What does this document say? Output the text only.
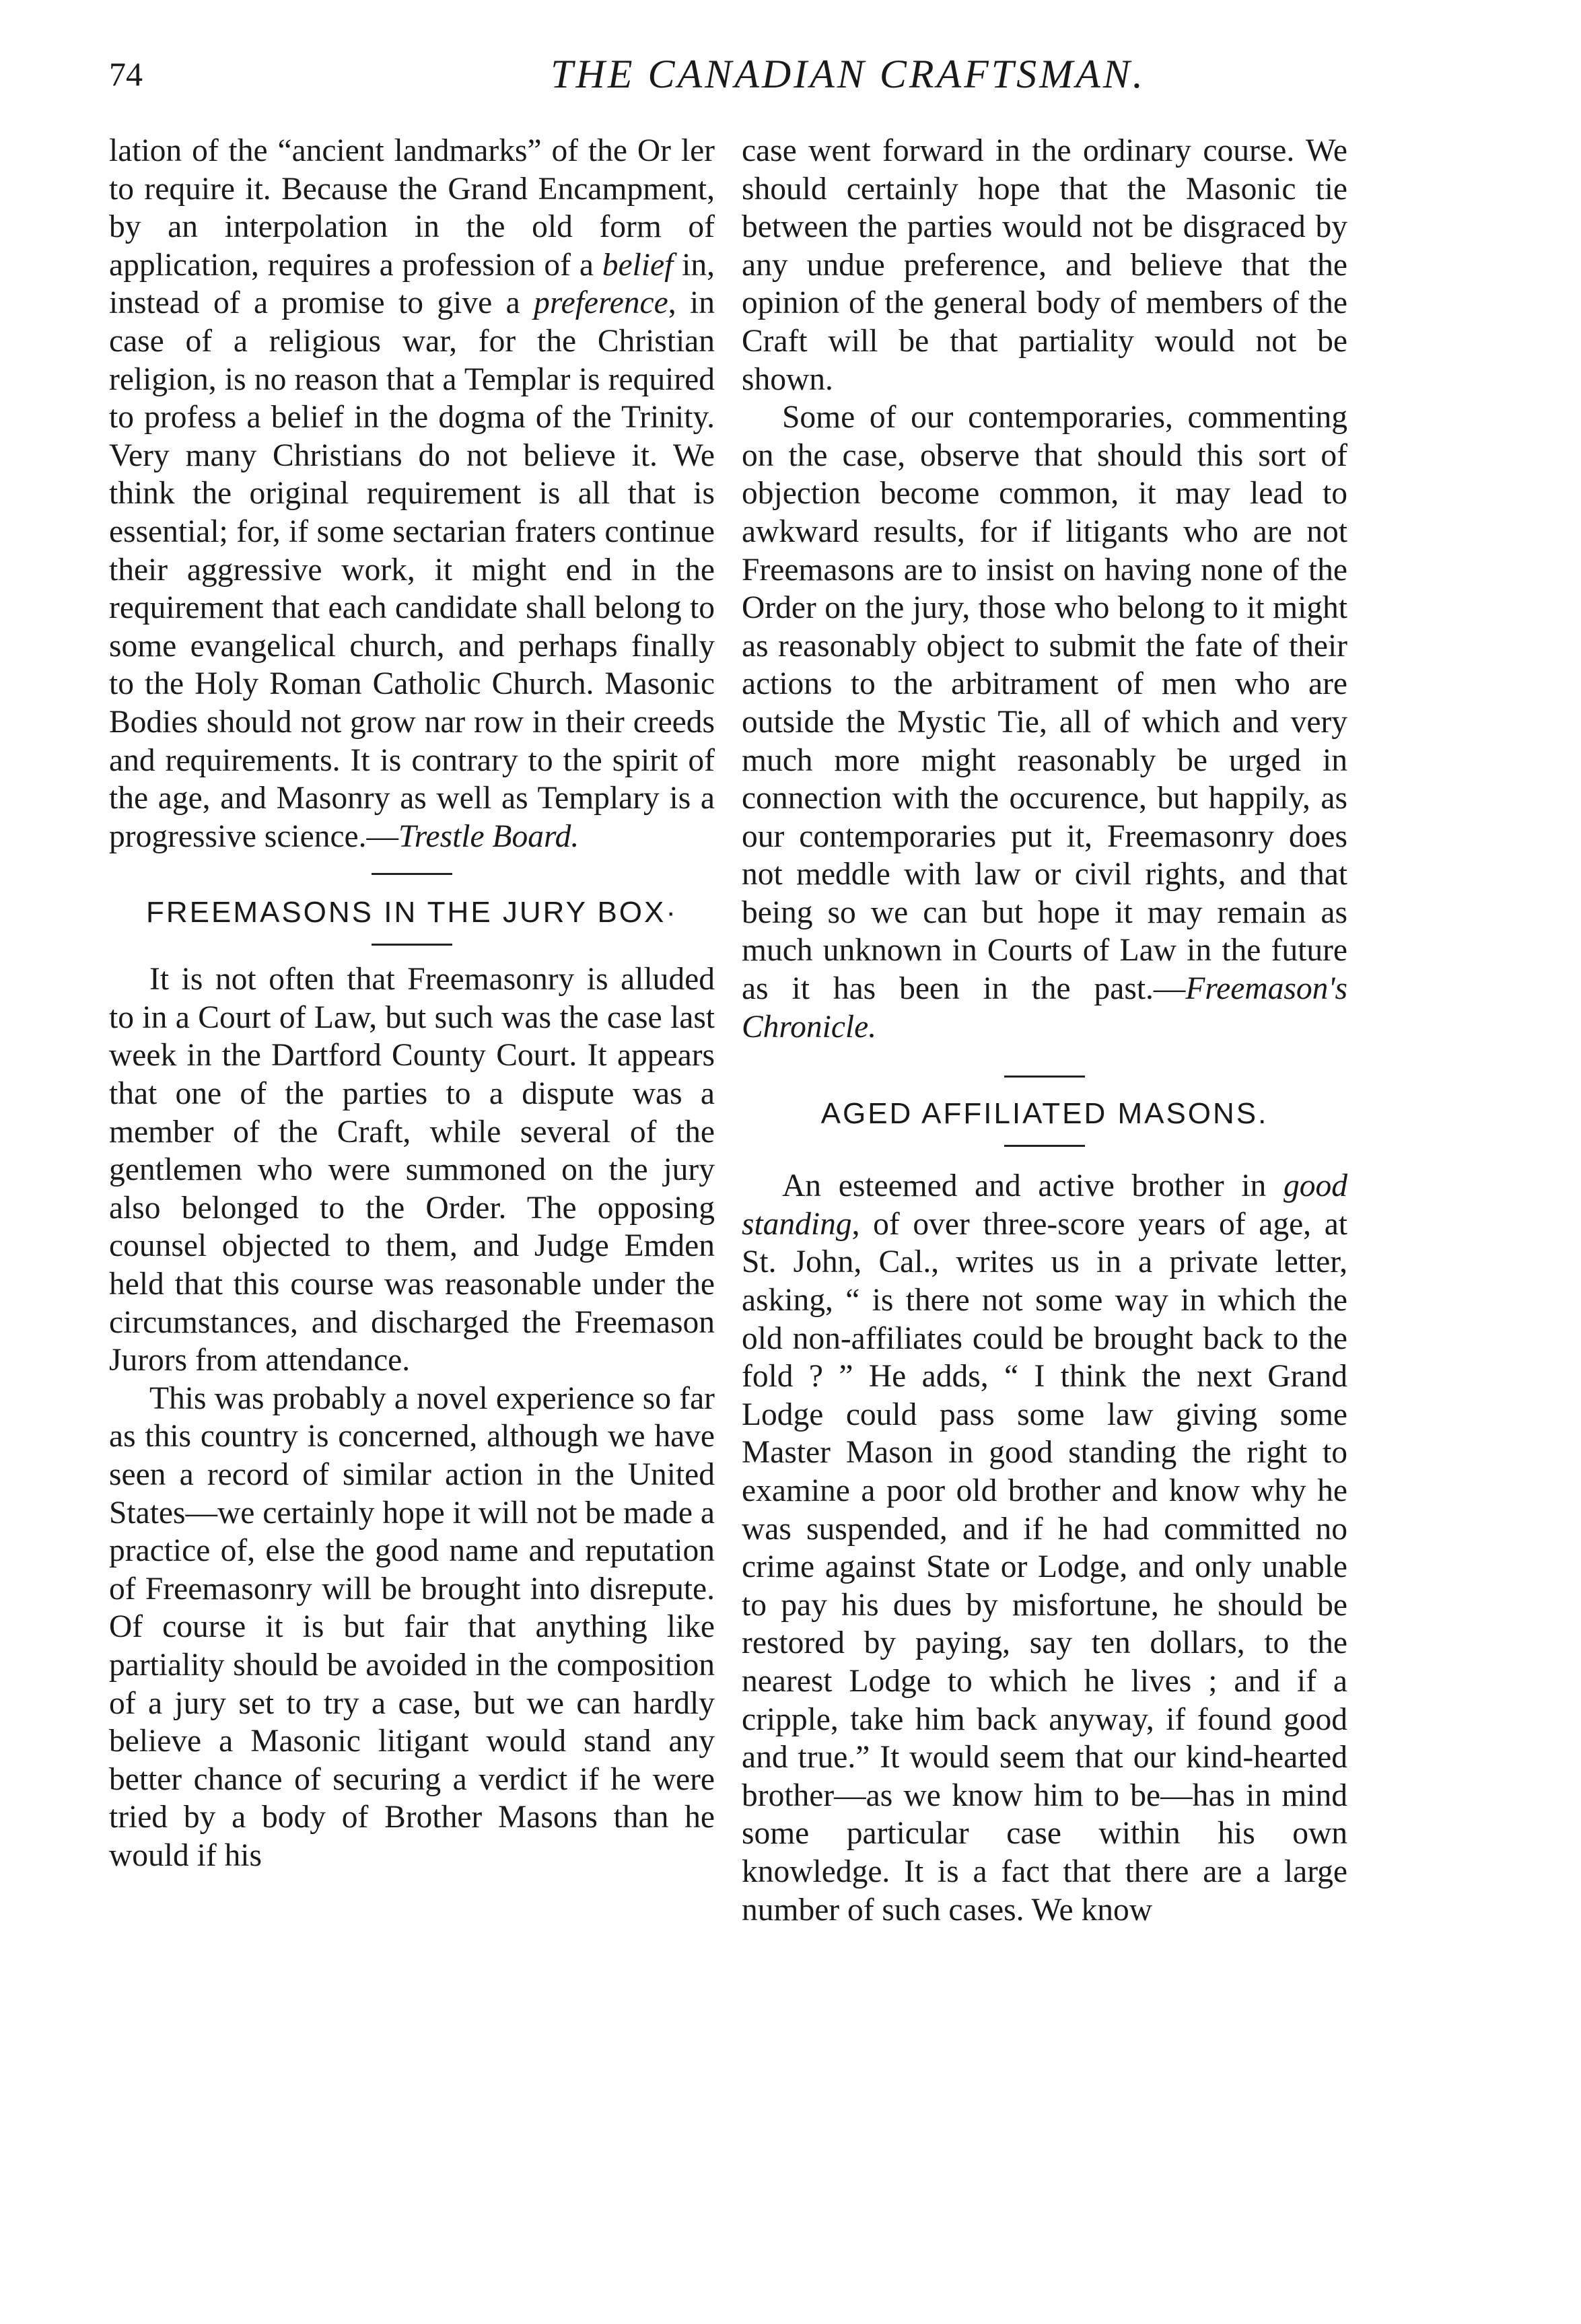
74	THE CANADIAN CRAFTSMAN.

lation of the “ancient landmarks” of the Or ler to require it. Because the Grand Encampment, by an interpolation in the old form of application, requires a profession of a belief in, instead of a promise to give a preference, in case of a religious war, for the Christian religion, is no reason that a Templar is required to profess a belief in the dogma of the Trinity. Very many Christians do not believe it. We think the original requirement is all that is essential; for, if some sectarian fraters continue their aggressive work, it might end in the requirement that each candidate shall belong to some evangelical church, and perhaps finally to the Holy Roman Catholic Church. Masonic Bodies should not grow nar row in their creeds and requirements. It is contrary to the spirit of the age, and Masonry as well as Templary is a progressive science.—Trestle Board.

FREEMASONS IN THE JURY BOX·

It is not often that Freemasonry is alluded to in a Court of Law, but such was the case last week in the Dartford County Court. It appears that one of the parties to a dispute was a member of the Craft, while several of the gentlemen who were summoned on the jury also belonged to the Order. The opposing counsel objected to them, and Judge Emden held that this course was reasonable under the circumstances, and discharged the Freemason Jurors from attendance.

This was probably a novel experience so far as this country is concerned, although we have seen a record of similar action in the United States—we certainly hope it will not be made a practice of, else the good name and reputation of Freemasonry will be brought into disrepute. Of course it is but fair that anything like partiality should be avoided in the composition of a jury set to try a case, but we can hardly believe a Masonic litigant would stand any better chance of securing a verdict if he were tried by a body of Brother Masons than he would if his

case went forward in the ordinary course. We should certainly hope that the Masonic tie between the parties would not be disgraced by any undue preference, and believe that the opinion of the general body of members of the Craft will be that partiality would not be shown.

Some of our contemporaries, commenting on the case, observe that should this sort of objection become common, it may lead to awkward results, for if litigants who are not Freemasons are to insist on having none of the Order on the jury, those who belong to it might as reasonably object to submit the fate of their actions to the arbitrament of men who are outside the Mystic Tie, all of which and very much more might reasonably be urged in connection with the occurence, but happily, as our contemporaries put it, Freemasonry does not meddle with law or civil rights, and that being so we can but hope it may remain as much unknown in Courts of Law in the future as it has been in the past.—Freemason's Chronicle.

AGED AFFILIATED MASONS.

An esteemed and active brother in good standing, of over three-score years of age, at St. John, Cal., writes us in a private letter, asking, “ is there not some way in which the old non-affiliates could be brought back to the fold ? ” He adds, “ I think the next Grand Lodge could pass some law giving some Master Mason in good standing the right to examine a poor old brother and know why he was suspended, and if he had committed no crime against State or Lodge, and only unable to pay his dues by misfortune, he should be restored by paying, say ten dollars, to the nearest Lodge to which he lives ; and if a cripple, take him back anyway, if found good and true.” It would seem that our kind-hearted brother—as we know him to be—has in mind some particular case within his own knowledge. It is a fact that there are a large number of such cases. We know
